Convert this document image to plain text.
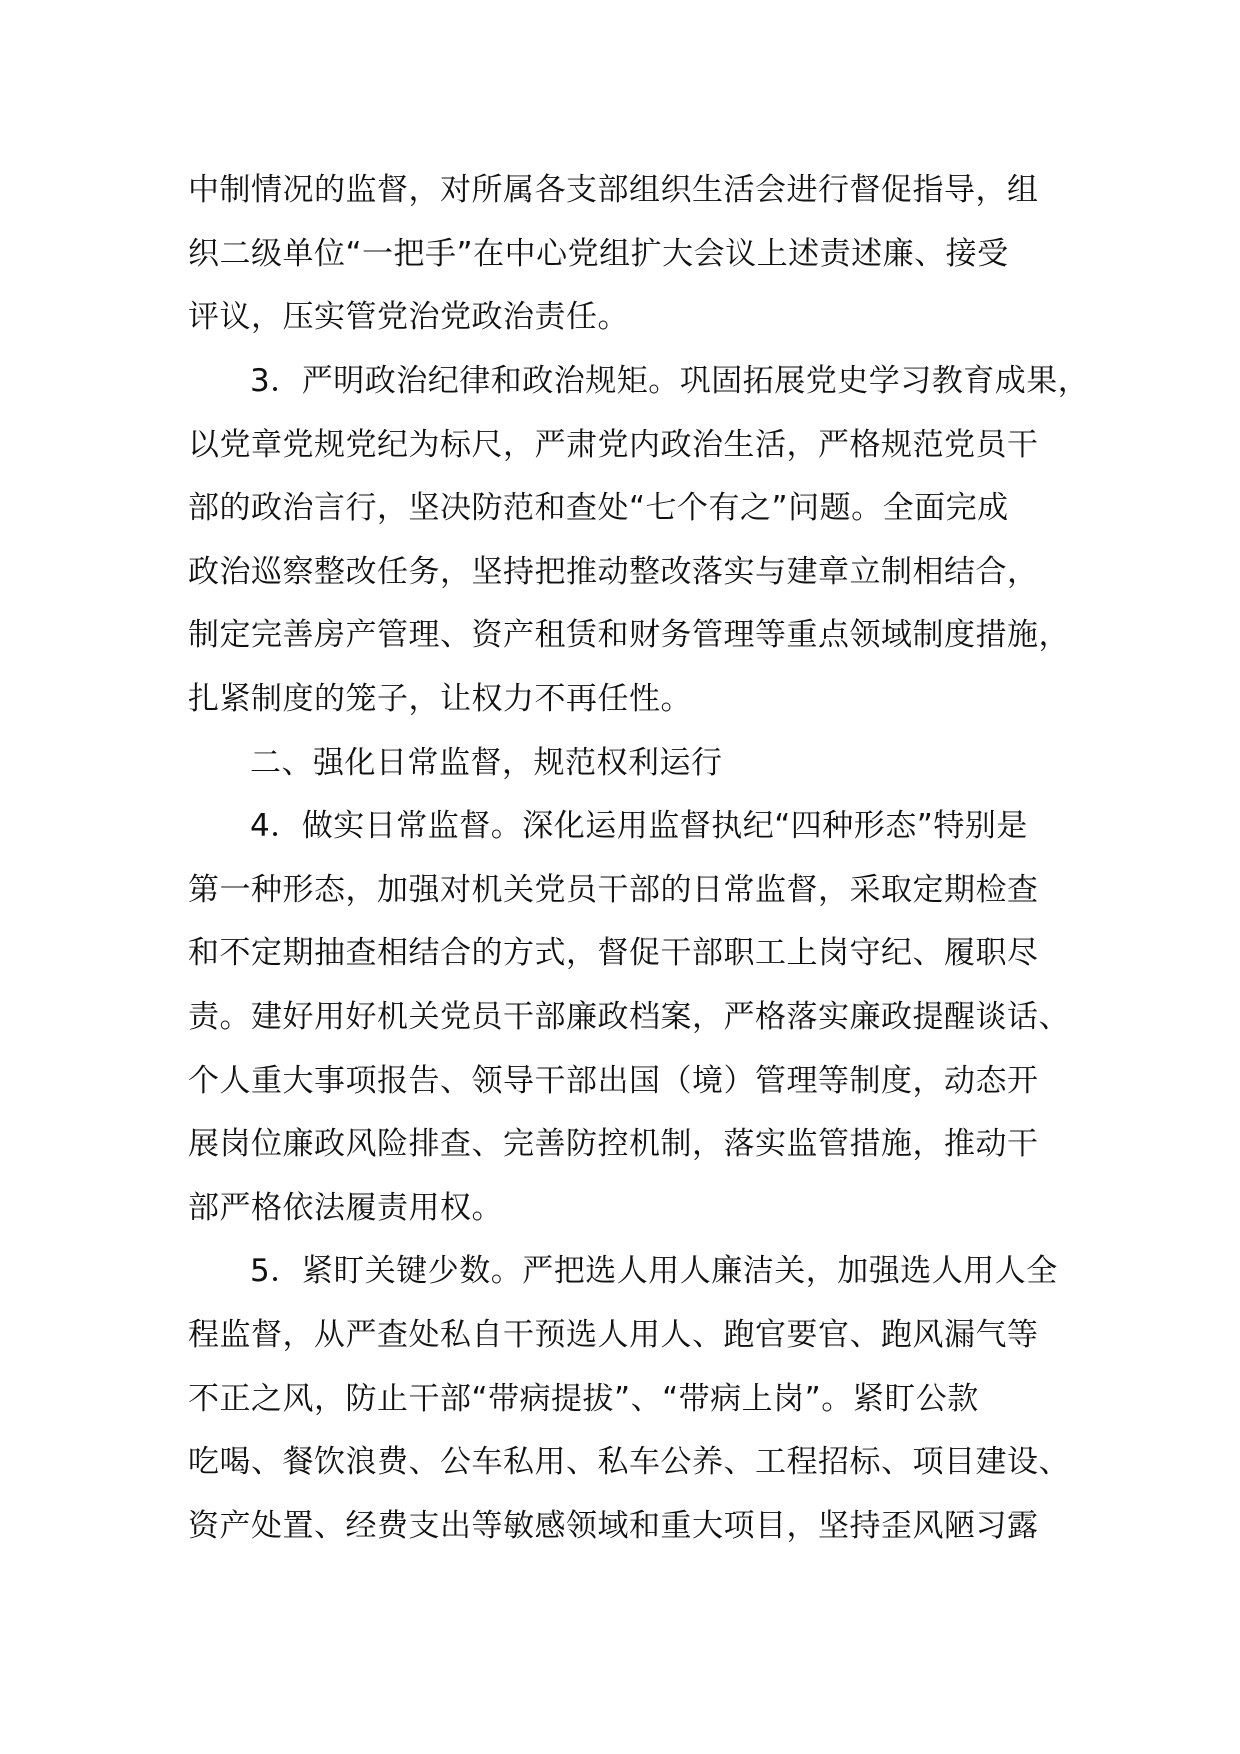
中制情况的监督，对所属各支部组织生活会进行督促指导，组
织二级单位“一把手”在中心党组扩大会议上述责述廉、接受
评议，压实管党治党政治责任。
3．严明政治纪律和政治规矩。巩固拓展党史学习教育成果，
以党章党规党纪为标尺，严肃党内政治生活，严格规范党员干
部的政治言行，坚决防范和查处“七个有之”问题。全面完成
政治巡察整改任务，坚持把推动整改落实与建章立制相结合，
制定完善房产管理、资产租赁和财务管理等重点领域制度措施，
扎紧制度的笼子，让权力不再任性。
二、强化日常监督，规范权利运行
4．做实日常监督。深化运用监督执纪“四种形态”特别是
第一种形态，加强对机关党员干部的日常监督，采取定期检查
和不定期抽查相结合的方式，督促干部职工上岗守纪、履职尽
责。建好用好机关党员干部廉政档案，严格落实廉政提醒谈话、
个人重大事项报告、领导干部出国（境）管理等制度，动态开
展岗位廉政风险排查、完善防控机制，落实监管措施，推动干
部严格依法履责用权。
5．紧盯关键少数。严把选人用人廉洁关，加强选人用人全
程监督，从严查处私自干预选人用人、跑官要官、跑风漏气等
不正之风，防止干部“带病提拔”、“带病上岗”。紧盯公款
吃喝、餐饮浪费、公车私用、私车公养、工程招标、项目建设、
资产处置、经费支出等敏感领域和重大项目，坚持歪风陋习露
